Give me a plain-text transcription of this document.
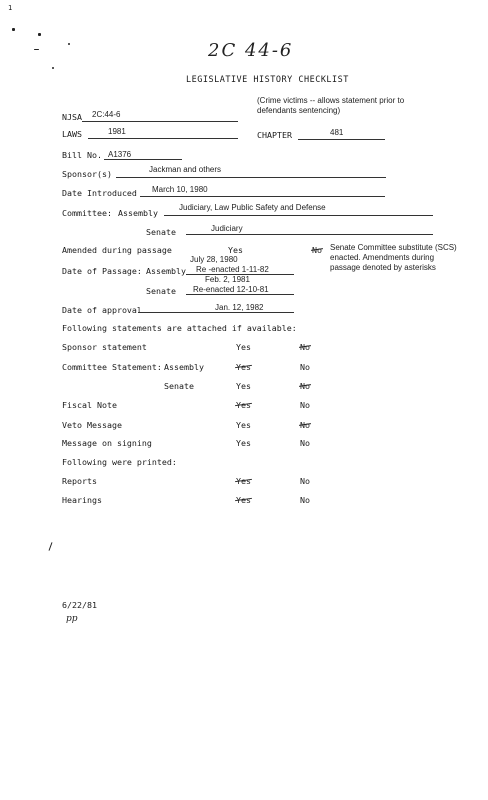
1
2C 44-6
LEGISLATIVE HISTORY CHECKLIST
(Crime victims -- allows statement prior to
defendants sentencing)
NJSA 2C:44-6
LAWS	1981	CHAPTER	481
Bill No. A1376
Sponsor(s)	Jackman and others
Date Introduced March 10, 1980
Committee: Assembly
Judiciary, Law Public Safety and Defense
Senate	Judiciary
Amended during passage	Yes	No Senate Committee substitute (SCS)
enacted. Amendments during
passage denoted by asterisks
July 28, 1980
Date of Passage: Assembly Re -enacted 1-11-82
Feb. 2, 1981
Senate Re-enacted 12-10-81
Date of approval	Jan. 12, 1982
Following statements are attached if available:
Sponsor statement	Yes	No
Committee Statement: Assembly	Yes	No
Senate	Yes	No
Fiscal Note	Yes	No
Veto Message	Yes	No
Message on signing	Yes	No
Following were printed:
Reports	Yes	No
Hearings	Yes	No
6/22/81
pp
